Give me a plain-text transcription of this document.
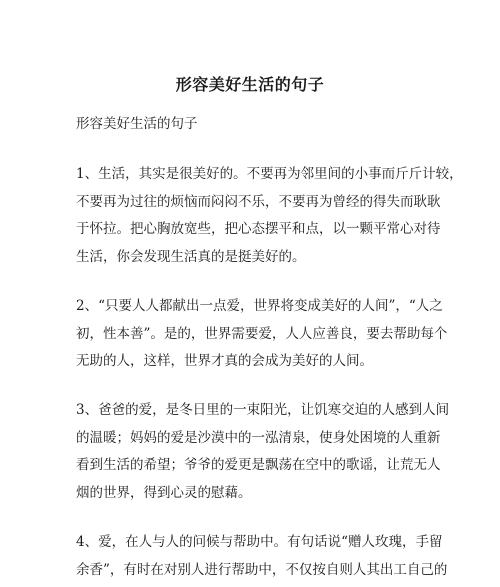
形容美好生活的句子
形容美好生活的句子
1、生活，其实是很美好的。不要再为邻里间的小事而斤斤计较，
不要再为过往的烦恼而闷闷不乐，不要再为曾经的得失而耿耿
于怀拉。把心胸放宽些，把心态摆平和点，以一颗平常心对待
生活，你会发现生活真的是挺美好的。
2、“只要人人都献出一点爱，世界将变成美好的人间”，“人之
初，性本善”。是的，世界需要爱，人人应善良，要去帮助每个
无助的人，这样，世界才真的会成为美好的人间。
3、爸爸的爱，是冬日里的一束阳光，让饥寒交迫的人感到人间
的温暖；妈妈的爱是沙漠中的一泓清泉，使身处困境的人重新
看到生活的希望；爷爷的爱更是飘荡在空中的歌谣，让荒无人
烟的世界，得到心灵的慰藉。
4、爱，在人与人的问候与帮助中。有句话说“赠人玫瑰，手留
余香”，有时在对别人进行帮助中，不仅按自则人其出工自己的
